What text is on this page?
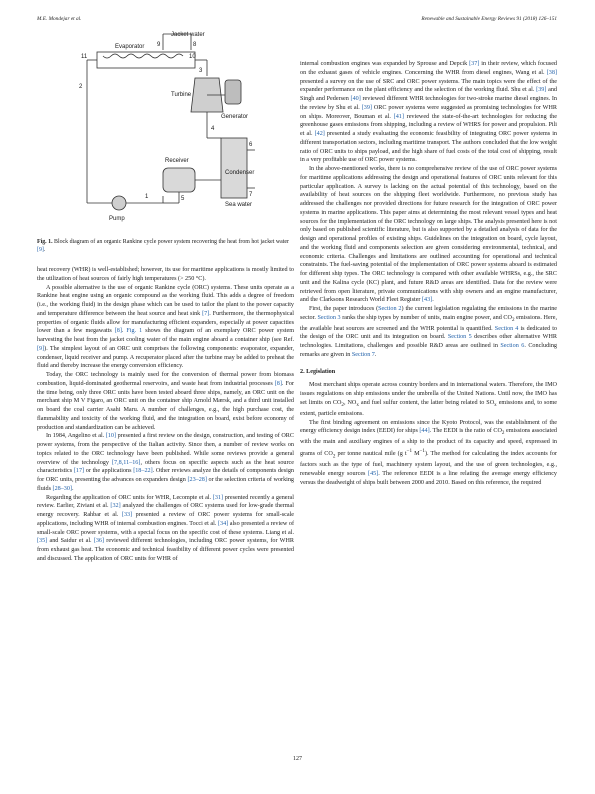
M.E. Mondejar et al.	Renewable and Sustainable Energy Reviews 91 (2018) 126–151
Jacket water
Evaporator
Turbine
Generator
Receiver
Condenser
Sea water
Pump
1
2
3
4
5
6
7
8
9
10
11
Fig. 1. Block diagram of an organic Rankine cycle power system recovering the heat from hot jacket water [9].

heat recovery (WHR) is well-established; however, its use for maritime applications is mostly limited to the utilization of heat sources of fairly high temperatures (> 250 °C).

A possible alternative is the use of organic Rankine cycle (ORC) systems. These units operate as a Rankine heat engine using an organic compound as the working fluid. This adds a degree of freedom (i.e., the working fluid) in the design phase which can be used to tailor the plant to the power capacity and temperature difference between the heat source and heat sink [7]. Furthermore, the thermophysical properties of organic fluids allow for manufacturing efficient expanders, especially at power capacities lower than a few megawatts [8]. Fig. 1 shows the diagram of an exemplary ORC power system harvesting the heat from the jacket cooling water of the main engine aboard a container ship (see Ref. [9]). The simplest layout of an ORC unit comprises the following components: evaporator, expander, condenser, liquid receiver and pump. A recuperator placed after the turbine may be added to preheat the fluid and thereby increase the energy conversion efficiency.

Today, the ORC technology is mainly used for the conversion of thermal power from biomass combustion, liquid-dominated geothermal reservoirs, and waste heat from industrial processes [8]. For the time being, only three ORC units have been tested aboard three ships, namely, an ORC unit on the merchant ship M V Figaro, an ORC unit on the container ship Arnold Mærsk, and a third unit installed on board the coal carrier Asahi Maru. A number of challenges, e.g., the high purchase cost, the flammability and toxicity of the working fluid, and the integration on board, exist before economy of production and standardization can be achieved.

In 1984, Angelino et al. [10] presented a first review on the design, construction, and testing of ORC power systems, from the perspective of the Italian activity. Since then, a number of review works on topics related to the ORC technology have been published. While some reviews provide a general overview of the technology [7,8,11–16], others focus on specific aspects such as the heat source characteristics [17] or the applications [18–22]. Other reviews analyze the details of components design for ORC units, presenting the advances on expanders design [23–28] or the selection criteria of working fluids [28–30].

Regarding the application of ORC units for WHR, Lecompte et al. [31] presented recently a general review. Earlier, Ziviani et al. [32] analyzed the challenges of ORC systems used for low-grade thermal energy recovery. Rahbar et al. [33] presented a review of ORC power systems for small-scale applications, including WHR of internal combustion engines. Tocci et al. [34] also presented a review of small-scale ORC power systems, with a special focus on the specific cost of these systems. Liang et al. [35] and Saidur et al. [36] reviewed different technologies, including ORC power systems, for WHR from exhaust gas heat. The economic and technical feasibility of different power cycles were presented and discussed. The application of ORC units for WHR of

internal combustion engines was expanded by Sprouse and Depcik [37] in their review, which focused on the exhaust gases of vehicle engines. Concerning the WHR from diesel engines, Wang et al. [38] presented a survey on the use of SRC and ORC power systems. The main topics were the effect of the expander performance on the plant efficiency and the selection of the working fluid. Shu et al. [39] and Singh and Pedersen [40] reviewed different WHR technologies for two-stroke marine diesel engines. In the review by Shu et al. [39] ORC power systems were suggested as promising technologies for WHR on ships. Moreover, Bouman et al. [41] reviewed the state-of-the-art technologies for reducing the greenhouse gases emissions from shipping, including a review of WHRS for power and propulsion. Pili et al. [42] presented a study evaluating the economic feasibility of integrating ORC power systems in different transportation sectors, including maritime transport. The authors concluded that the low weight ratio of ORC units to ships payload, and the high share of fuel costs of the total cost of shipping, result in a very profitable use of ORC power systems.

In the above-mentioned works, there is no comprehensive review of the use of ORC power systems for maritime applications addressing the design and operational features of ORC units relevant for this particular application. A survey is lacking on the actual potential of this technology, based on the availability of heat sources on the shipping fleet worldwide. Furthermore, no previous study has addressed the challenges nor provided directions for future research for the integration of ORC power systems in marine applications. This paper aims at determining the most relevant vessel types and heat sources for the implementation of the ORC technology on large ships. The analysis presented here is not only based on published scientific literature, but is also supported by a detailed analysis of data for the design and operational profiles of existing ships. Guidelines on the integration on board, cycle layout, and the working fluid and components selection are given considering environmental, technical, and economic criteria. Challenges and limitations are outlined accounting for operational and technical constraints. The fuel-saving potential of the implementation of ORC power systems aboard is estimated for different ship types. The ORC technology is compared with other available WHRSs, e.g., the SRC unit and the Kalina cycle (KC) plant, and future R&D areas are identified. Data for the review were retrieved from open literature, private communications with ship owners and an engine manufacturer, and the Clarksons Research World Fleet Register [43].

First, the paper introduces (Section 2) the current legislation regulating the emissions in the marine sector. Section 3 ranks the ship types by number of units, main engine power, and $CO_2$ emissions. Here, the available heat sources are screened and the WHR potential is quantified. Section 4 is dedicated to the design of the ORC unit and its integration on board. Section 5 describes other alternative WHR technologies. Limitations, challenges and possible R&D areas are outlined in Section 6. Concluding remarks are given in Section 7.

2. Legislation

Most merchant ships operate across country borders and in international waters. Therefore, the IMO issues regulations on ship emissions under the umbrella of the United Nations. Until now, the IMO has set limits on $CO_2$, $NO_x$ and fuel sulfur content, the latter being related to $SO_x$ emissions and, to some extent, particle emissions.

The first binding agreement on emissions since the Kyoto Protocol, was the establishment of the energy efficiency design index (EEDI) for ships [44]. The EEDI is the ratio of $CO_2$ emissions associated with the main and auxiliary engines of a ship to the product of its capacity and speed, expressed in grams of $CO_2$ per tonne nautical mile (g $t^{-1}$ $M^{-1}$). The method for calculating the index accounts for factors such as the type of fuel, machinery system layout, and the use of green technologies, e.g., renewable energy sources [45]. The reference EEDI is a line relating the average energy efficiency versus the deadweight of ships built between 2000 and 2010. Based on this reference, the required

127
